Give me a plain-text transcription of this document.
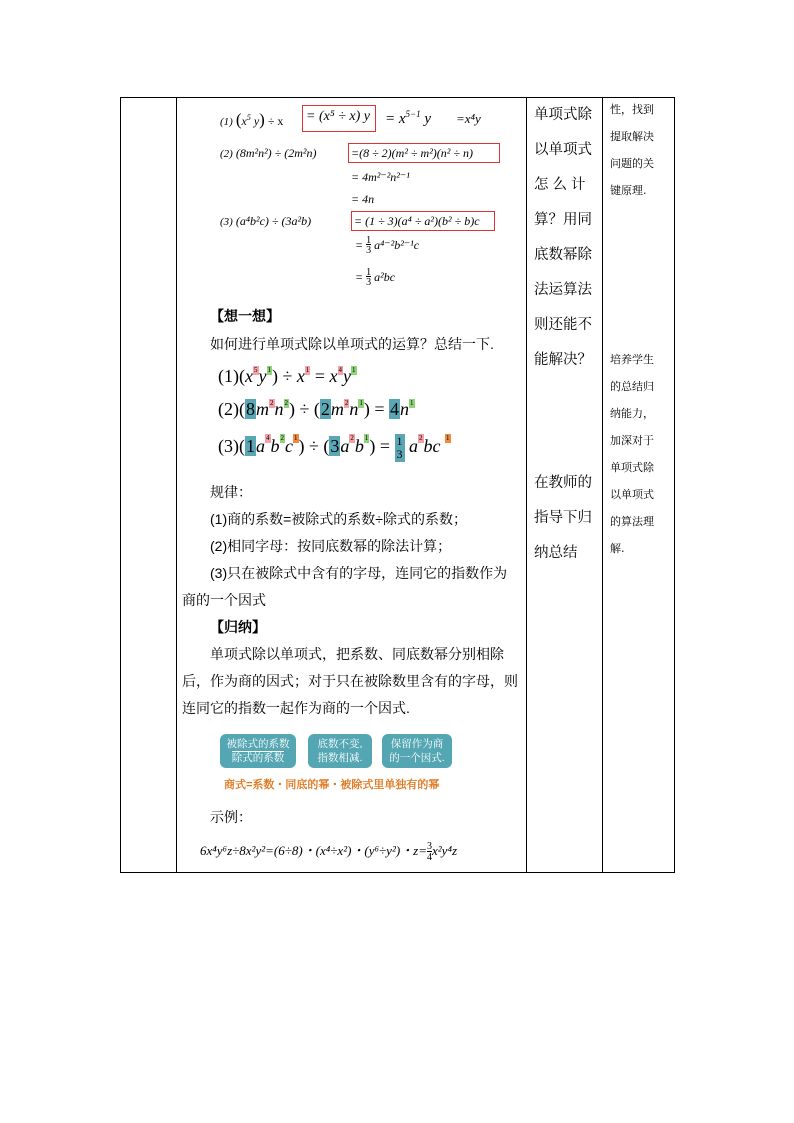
(1) ($x^5$ y) ÷ x = (x⁵ ÷ x) $y = x^{5-1}$ y =x⁴y
(2) (8m²n²) ÷ (2m²n)	=(8 ÷ 2)(m² ÷ m²)(n² ÷ n)
= 4m²⁻²n²⁻¹
= 4n
(3) (a⁴b²c) ÷ (3a²b)	= (1 ÷ 3)(a⁴ ÷ a²)(b² ÷ b)c
= $\frac{1}{3} a^{4-2}b^{2-1}c$
= $\frac{1}{3} a^2bc$
【想一想】
如何进行单项式除以单项式的运算？总结一下.
(1)(x5y1) ÷ x1 = x4y1
(2)(8m2n2) ÷ (2m2n1) = 4n1
(3)(1a4b2c1) ÷ (3a2b1) = 1
3 a2bc 1
规律：
(1)商的系数=被除式的系数÷除式的系数；
(2)相同字母：按同底数幂的除法计算；
(3)只在被除式中含有的字母，连同它的指数作为
商的一个因式
【归纳】
单项式除以单项式，把系数、同底数幂分别相除
后，作为商的因式；对于只在被除数里含有的字母，则
连同它的指数一起作为商的一个因式.
被除式的系数
除式的系数
底数不变,
指数相减.
保留作为商
的一个因式.
商式=系数・同底的幂・被除式里单独有的幂
示例：
6x⁴y⁶z÷8x²y²=(6÷8)・(x⁴÷x²)・(y⁶÷y²)・$z=\frac{3}{4}x^2y^4z$
单项式除
以单项式
怎 么 计
算？用同
底数幂除
法运算法
则还能不
能解决？
在教师的
指导下归
纳总结
性，找到
提取解决
问题的关
键原理.
培养学生
的总结归
纳能力，
加深对于
单项式除
以单项式
的算法理
解.
